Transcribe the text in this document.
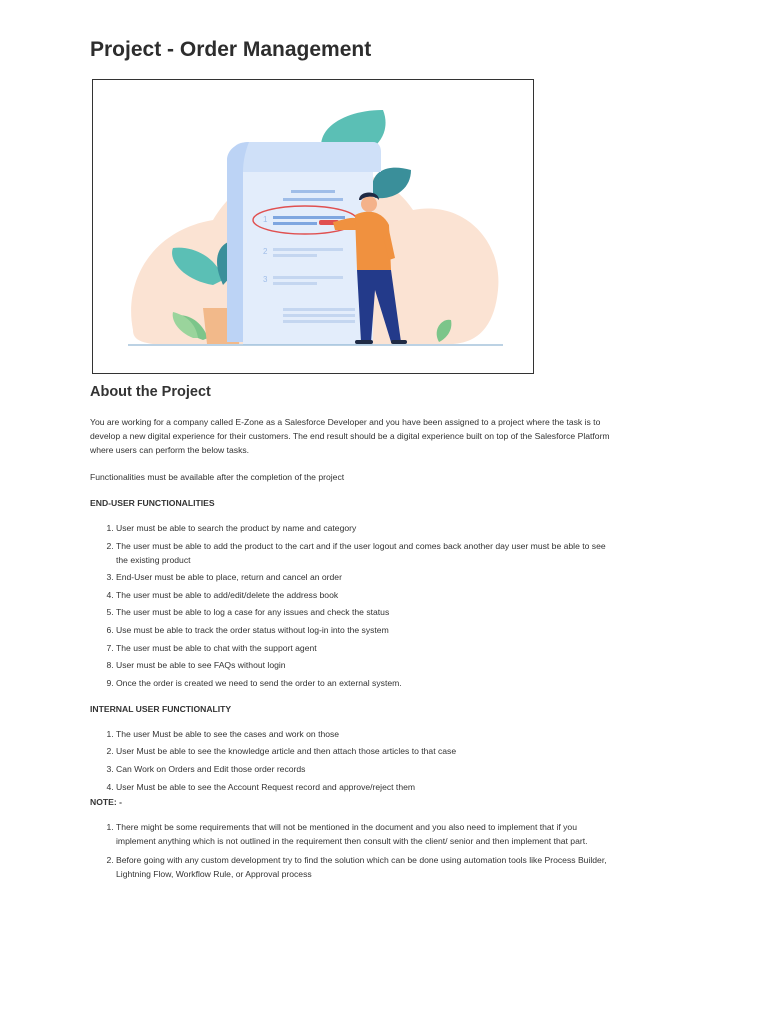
Project - Order Management
1
2
3
About the Project

You are working for a company called E-Zone as a Salesforce Developer and you have been assigned to a project where the task is to develop a new digital experience for their customers. The end result should be a digital experience built on top of the Salesforce Platform where users can perform the below tasks.

Functionalities must be available after the completion of the project

END-USER FUNCTIONALITIES

1. User must be able to search the product by name and category
2. The user must be able to add the product to the cart and if the user logout and comes back another day user must be able to see the existing product
3. End-User must be able to place, return and cancel an order
4. The user must be able to add/edit/delete the address book
5. The user must be able to log a case for any issues and check the status
6. Use must be able to track the order status without log-in into the system
7. The user must be able to chat with the support agent
8. User must be able to see FAQs without login
9. Once the order is created we need to send the order to an external system.

INTERNAL USER FUNCTIONALITY

1. The user Must be able to see the cases and work on those
2. User Must be able to see the knowledge article and then attach those articles to that case
3. Can Work on Orders and Edit those order records
4. User Must be able to see the Account Request record and approve/reject them

NOTE: -

1. There might be some requirements that will not be mentioned in the document and you also need to implement that if you implement anything which is not outlined in the requirement then consult with the client/ senior and then implement that part.
2. Before going with any custom development try to find the solution which can be done using automation tools like Process Builder, Lightning Flow, Workflow Rule, or Approval process
